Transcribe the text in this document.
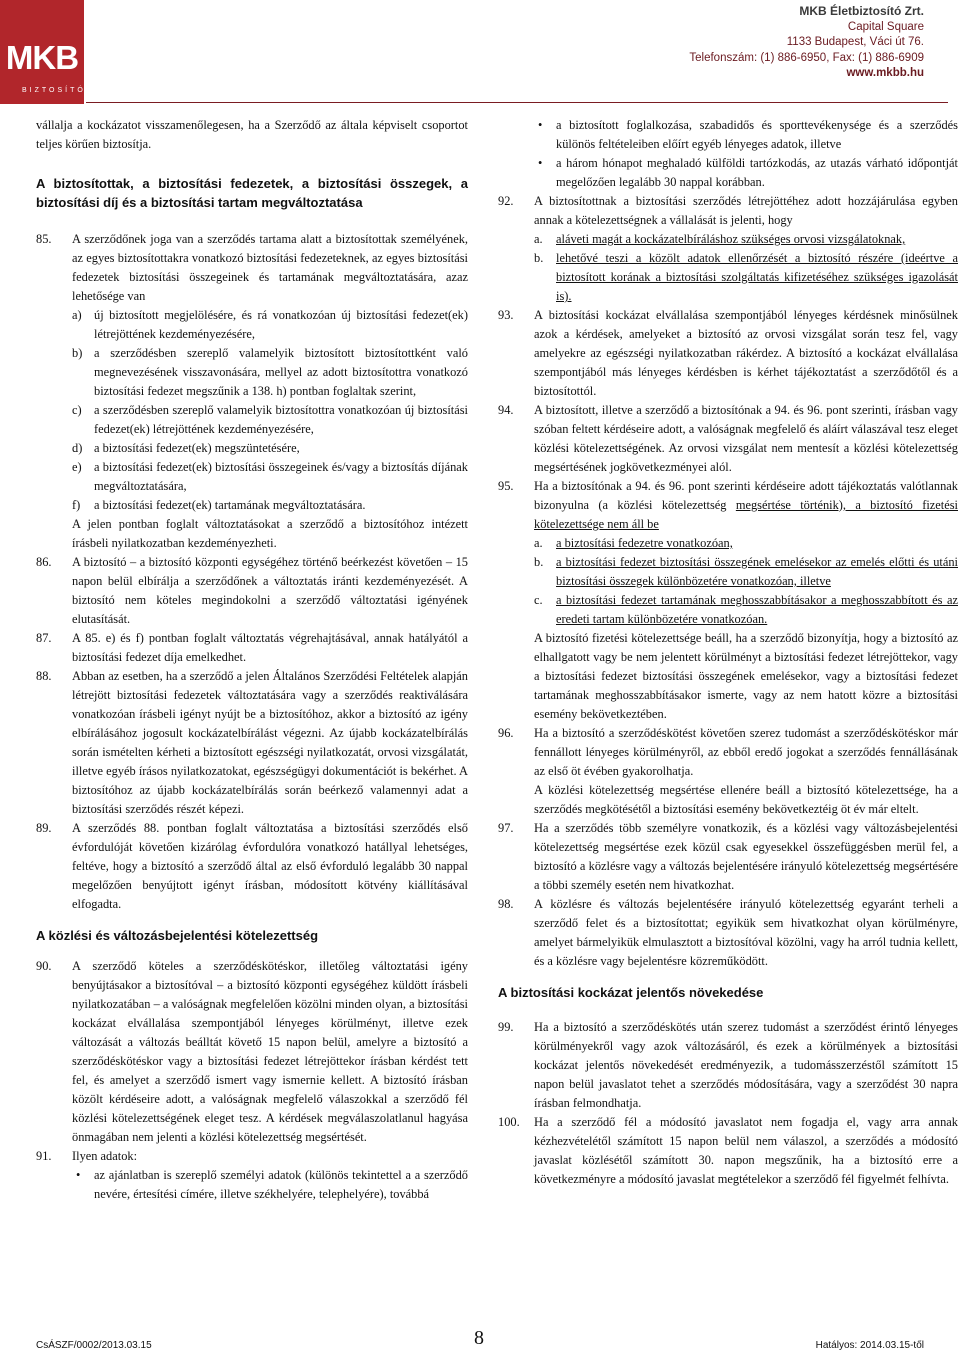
MKB
BIZTOSÍTÓ
MKB Életbiztosító Zrt.
Capital Square
1133 Budapest, Váci út 76.
Telefonszám: (1) 886-6950, Fax: (1) 886-6909
www.mkbb.hu

vállalja a kockázatot visszamenőlegesen, ha a Szerződő az általa képviselt csoportot teljes körűen biztosítja.

A biztosítottak, a biztosítási fedezetek, a biztosítási összegek, a biztosítási díj és a biztosítási tartam megváltoztatása
85. A szerződőnek joga van a szerződés tartama alatt a biztosítottak személyének, az egyes biztosítottakra vonatkozó biztosítási fedezeteknek, az egyes biztosítási fedezetek biztosítási összegeinek és tartamának megváltoztatására, azaz lehetősége van
a) új biztosított megjelölésére, és rá vonatkozóan új biztosítási fedezet(ek) létrejöttének kezdeményezésére,
b) a szerződésben szereplő valamelyik biztosított biztosítottként való megnevezésének visszavonására, mellyel az adott biztosítottra vonatkozó biztosítási fedezet megszűnik a 138. h) pontban foglaltak szerint,
c) a szerződésben szereplő valamelyik biztosítottra vonatkozóan új biztosítási fedezet(ek) létrejöttének kezdeményezésére,
d) a biztosítási fedezet(ek) megszüntetésére,
e) a biztosítási fedezet(ek) biztosítási összegeinek és/vagy a biztosítás díjának megváltoztatására,
f) a biztosítási fedezet(ek) tartamának megváltoztatására.

A jelen pontban foglalt változtatásokat a szerződő a biztosítóhoz intézett írásbeli nyilatkozatban kezdeményezheti.

86. A biztosító – a biztosító központi egységéhez történő beérkezést követően – 15 napon belül elbírálja a szerződőnek a változtatás iránti kezdeményezését. A biztosító nem köteles megindokolni a szerződő változtatási igényének elutasítását.
87. A 85. e) és f) pontban foglalt változtatás végrehajtásával, annak hatályától a biztosítási fedezet díja emelkedhet.
88. Abban az esetben, ha a szerződő a jelen Általános Szerződési Feltételek alapján létrejött biztosítási fedezetek változtatására vagy a szerződés reaktiválására vonatkozóan írásbeli igényt nyújt be a biztosítóhoz, akkor a biztosító az igény elbírálásához jogosult kockázatelbírálást végezni. Az újabb kockázatelbírálás során ismételten kérheti a biztosított egészségi nyilatkozatát, orvosi vizsgálatát, illetve egyéb írásos nyilatkozatokat, egészségügyi dokumentációt is bekérhet. A biztosítóhoz az újabb kockázatelbírálás során beérkező valamennyi adat a biztosítási szerződés részét képezi.
89. A szerződés 88. pontban foglalt változtatása a biztosítási szerződés első évfordulóját követően kizárólag évfordulóra vonatkozó hatállyal lehetséges, feltéve, hogy a biztosító a szerződő által az első évforduló legalább 30 nappal megelőzően benyújtott igényt írásban, módosított kötvény kiállításával elfogadta.
A közlési és változásbejelentési kötelezettség
90. A szerződő köteles a szerződéskötéskor, illetőleg változtatási igény benyújtásakor a biztosítóval – a biztosító központi egységéhez küldött írásbeli nyilatkozatában – a valóságnak megfelelően közölni minden olyan, a biztosítási kockázat elvállalása szempontjából lényeges körülményt, illetve ezek változását a változás beálltát követő 15 napon belül, amelyre a biztosító a szerződéskötéskor vagy a biztosítási fedezet létrejöttekor írásban kérdést tett fel, és amelyet a szerződő ismert vagy ismernie kellett. A biztosító írásban közölt kérdéseire adott, a valóságnak megfelelő válaszokkal a szerződő fél közlési kötelezettségének eleget tesz. A kérdések megválaszolatlanul hagyása önmagában nem jelenti a közlési kötelezettség megsértését.
91. Ilyen adatok:
• az ajánlatban is szereplő személyi adatok (különös tekintettel a a szerződő nevére, értesítési címére, illetve székhelyére, telephelyére), továbbá
• a biztosított foglalkozása, szabadidős és sporttevékenysége és a szerződés különös feltételeiben előírt egyéb lényeges adatok, illetve
• a három hónapot meghaladó külföldi tartózkodás, az utazás várható időpontját megelőzően legalább 30 nappal korábban.
92. A biztosítottnak a biztosítási szerződés létrejöttéhez adott hozzájárulása egyben annak a kötelezettségnek a vállalását is jelenti, hogy
a. aláveti magát a kockázatelbíráláshoz szükséges orvosi vizsgálatoknak,
b. lehetővé teszi a közölt adatok ellenőrzését a biztosító részére (ideértve a biztosított korának a biztosítási szolgáltatás kifizetéséhez szükséges igazolását is).
93. A biztosítási kockázat elvállalása szempontjából lényeges kérdésnek minősülnek azok a kérdések, amelyeket a biztosító az orvosi vizsgálat során tesz fel, vagy amelyekre az egészségi nyilatkozatban rákérdez. A biztosító a kockázat elvállalása szempontjából más lényeges kérdésben is kérhet tájékoztatást a szerződőtől és a biztosítottól.
94. A biztosított, illetve a szerződő a biztosítónak a 94. és 96. pont szerinti, írásban vagy szóban feltett kérdéseire adott, a valóságnak megfelelő és aláírt válaszával tesz eleget közlési kötelezettségének. Az orvosi vizsgálat nem mentesít a közlési kötelezettség megsértésének jogkövetkezményei alól.
95. Ha a biztosítónak a 94. és 96. pont szerinti kérdéseire adott tájékoztatás valótlannak bizonyulna (a közlési kötelezettség megsértése történik), a biztosító fizetési kötelezettsége nem áll be
a. a biztosítási fedezetre vonatkozóan,
b. a biztosítási fedezet biztosítási összegének emelésekor az emelés előtti és utáni biztosítási összegek különbözetére vonatkozóan, illetve
c. a biztosítási fedezet tartamának meghosszabbításakor a meghosszabbított és az eredeti tartam különbözetére vonatkozóan.

A biztosító fizetési kötelezettsége beáll, ha a szerződő bizonyítja, hogy a biztosító az elhallgatott vagy be nem jelentett körülményt a biztosítási fedezet létrejöttekor, vagy a biztosítási fedezet biztosítási összegének emelésekor, vagy a biztosítási fedezet tartamának meghosszabbításakor ismerte, vagy az nem hatott közre a biztosítási esemény bekövetkeztében.

96. Ha a biztosító a szerződéskötést követően szerez tudomást a szerződéskötéskor már fennállott lényeges körülményről, az ebből eredő jogokat a szerződés fennállásának az első öt évében gyakorolhatja.

A közlési kötelezettség megsértése ellenére beáll a biztosító kötelezettsége, ha a szerződés megkötésétől a biztosítási esemény bekövetkeztéig öt év már eltelt.

97. Ha a szerződés több személyre vonatkozik, és a közlési vagy változásbejelentési kötelezettség megsértése ezek közül csak egyesekkel összefüggésben merül fel, a biztosító a közlésre vagy a változás bejelentésére irányuló kötelezettség megsértésére a többi személy esetén nem hivatkozhat.
98. A közlésre és változás bejelentésére irányuló kötelezettség egyaránt terheli a szerződő felet és a biztosítottat; egyikük sem hivatkozhat olyan körülményre, amelyet bármelyikük elmulasztott a biztosítóval közölni, vagy ha arról tudnia kellett, és a közlésre vagy bejelentésre közreműködött.
A biztosítási kockázat jelentős növekedése
99. Ha a biztosító a szerződéskötés után szerez tudomást a szerződést érintő lényeges körülményekről vagy azok változásáról, és ezek a körülmények a biztosítási kockázat jelentős növekedését eredményezik, a tudomásszerzéstől számított 15 napon belül javaslatot tehet a szerződés módosítására, vagy a szerződést 30 napra írásban felmondhatja.
100. Ha a szerződő fél a módosító javaslatot nem fogadja el, vagy arra annak kézhezvételétől számított 15 napon belül nem válaszol, a szerződés a módosító javaslat közlésétől számított 30. napon megszűnik, ha a biztosító erre a következményre a módosító javaslat megtételekor a szerződő fél figyelmét felhívta.
CsÁSZF/0002/2013.03.15	8	Hatályos: 2014.03.15-től
